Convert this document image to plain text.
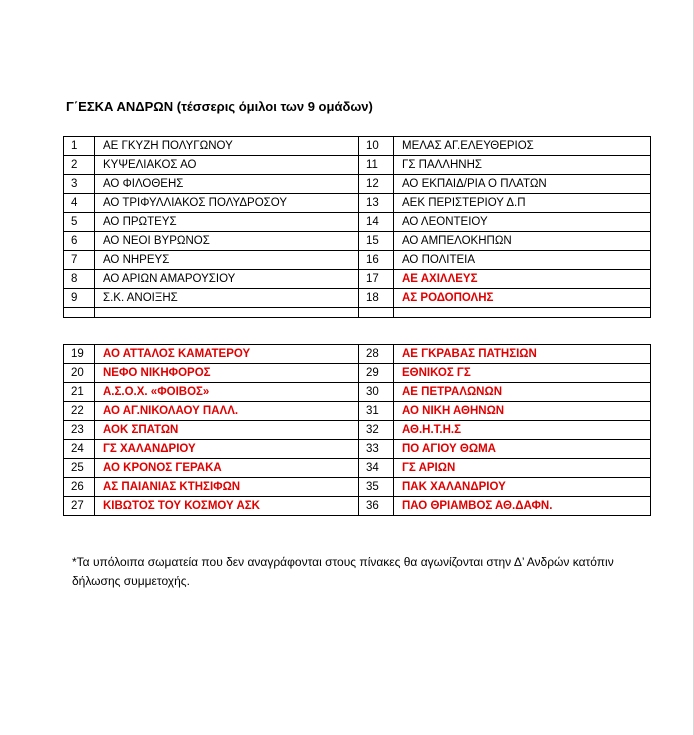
Γ΄ΕΣΚΑ ΑΝΔΡΩΝ (τέσσερις όμιλοι των 9 ομάδων)
1	ΑΕ ΓΚΥΖΗ ΠΟΛΥΓΩΝΟΥ	10	ΜΕΛΑΣ ΑΓ.ΕΛΕΥΘΕΡΙΟΣ
2	ΚΥΨΕΛΙΑΚΟΣ ΑΟ	11	ΓΣ ΠΑΛΛΗΝΗΣ
3	ΑΟ ΦΙΛΟΘΕΗΣ	12	ΑΟ ΕΚΠΑΙΔ/ΡΙΑ Ο ΠΛΑΤΩΝ
4	ΑΟ ΤΡΙΦΥΛΛΙΑΚΟΣ ΠΟΛΥΔΡΟΣΟΥ	13	ΑΕΚ ΠΕΡΙΣΤΕΡΙΟΥ Δ.Π
5	ΑΟ ΠΡΩΤΕΥΣ	14	ΑΟ ΛΕΟΝΤΕΙΟΥ
6	ΑΟ ΝΕΟΙ ΒΥΡΩΝΟΣ	15	ΑΟ ΑΜΠΕΛΟΚΗΠΩΝ
7	ΑΟ ΝΗΡΕΥΣ	16	ΑΟ ΠΟΛΙΤΕΙΑ
8	ΑΟ ΑΡΙΩΝ ΑΜΑΡΟΥΣΙΟΥ	17	ΑΕ ΑΧΙΛΛΕΥΣ
9	Σ.Κ. ΑΝΟΙΞΗΣ	18	ΑΣ ΡΟΔΟΠΟΛΗΣ

19	ΑΟ ΑΤΤΑΛΟΣ ΚΑΜΑΤΕΡΟΥ	28	ΑΕ ΓΚΡΑΒΑΣ ΠΑΤΗΣΙΩΝ
20	ΝΕΦΟ ΝΙΚΗΦΟΡΟΣ	29	ΕΘΝΙΚΟΣ ΓΣ
21	Α.Σ.Ο.Χ. «ΦΟΙΒΟΣ»	30	ΑΕ ΠΕΤΡΑΛΩΝΩΝ
22	ΑΟ ΑΓ.ΝΙΚΟΛΑΟΥ ΠΑΛΛ.	31	ΑΟ ΝΙΚΗ ΑΘΗΝΩΝ
23	ΑΟΚ ΣΠΑΤΩΝ	32	ΑΘ.Η.Τ.Η.Σ
24	ΓΣ ΧΑΛΑΝΔΡΙΟΥ	33	ΠΟ ΑΓΙΟΥ ΘΩΜΑ
25	ΑΟ ΚΡΟΝΟΣ ΓΕΡΑΚΑ	34	ΓΣ ΑΡΙΩΝ
26	ΑΣ ΠΑΙΑΝΙΑΣ ΚΤΗΣΙΦΩΝ	35	ΠΑΚ ΧΑΛΑΝΔΡΙΟΥ
27	ΚΙΒΩΤΟΣ ΤΟΥ ΚΟΣΜΟΥ ΑΣΚ	36	ΠΑΟ ΘΡΙΑΜΒΟΣ ΑΘ.ΔΑΦΝ.
*Τα υπόλοιπα σωματεία που δεν αναγράφονται στους πίνακες θα αγωνίζονται στην Δ’ Ανδρών κατόπιν δήλωσης συμμετοχής.
